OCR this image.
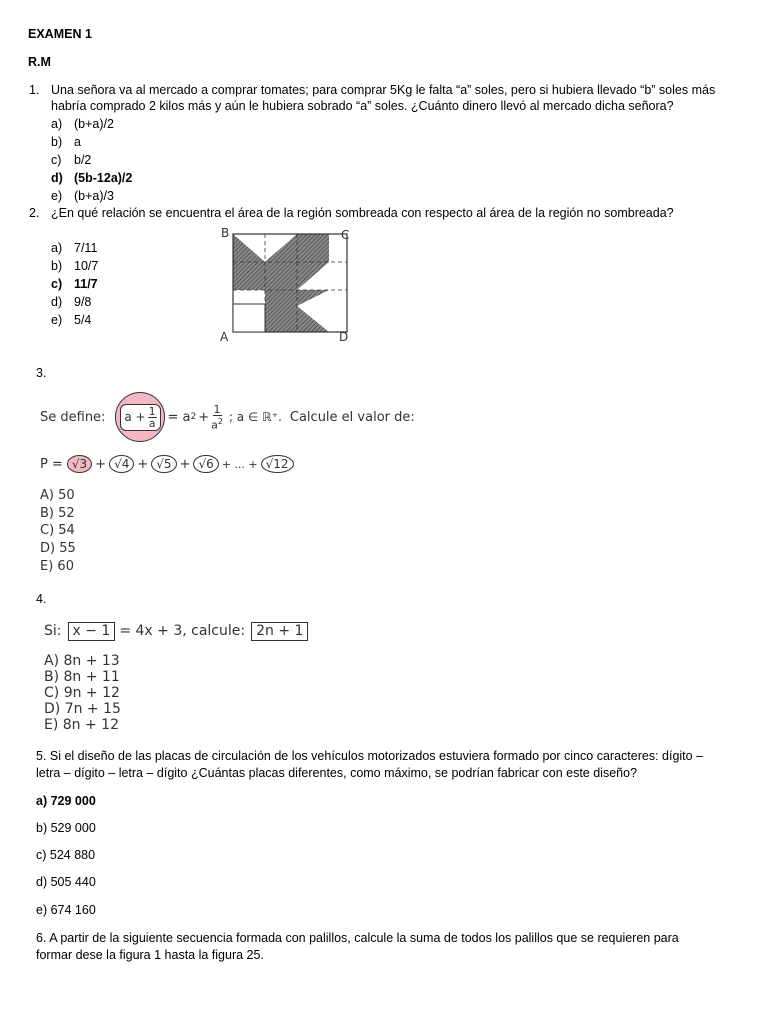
EXAMEN 1
R.M
1. Una señora va al mercado a comprar tomates; para comprar 5Kg le falta “a” soles, pero si hubiera llevado “b” soles más
habría comprado 2 kilos más y aún le hubiera sobrado “a” soles. ¿Cuánto dinero llevó al mercado dicha señora?
a) (b+a)/2
b) a
c) b/2
d) (5b-12a)/2
e) (b+a)/3
2. ¿En qué relación se encuentra el área de la región sombreada con respecto al área de la región no sombreada?
a) 7/11
b) 10/7
c) 11/7
d) 9/8
e) 5/4
B	C
A	D
3.
Se define: $a + \frac{1}{a} = a$ $2 + \frac{1}{a^2}$ ; a ∈ ℝ⁺. Calcule el valor de:
P = √3 + √4 + √5 + √6 + ... + √12
A) 50
B) 52
C) 54
D) 55
E) 60
4.
Si: x − 1 = 4x + 3, calcule: 2n + 1
A) 8n + 13
B) 8n + 11
C) 9n + 12
D) 7n + 15
E) 8n + 12
5. Si el diseño de las placas de circulación de los vehículos motorizados estuviera formado por cinco caracteres: dígito –
letra – dígito – letra – dígito ¿Cuántas placas diferentes, como máximo, se podrían fabricar con este diseño?
a) 729 000
b) 529 000
c) 524 880
d) 505 440
e) 674 160
6. A partir de la siguiente secuencia formada con palillos, calcule la suma de todos los palillos que se requieren para
formar dese la figura 1 hasta la figura 25.
